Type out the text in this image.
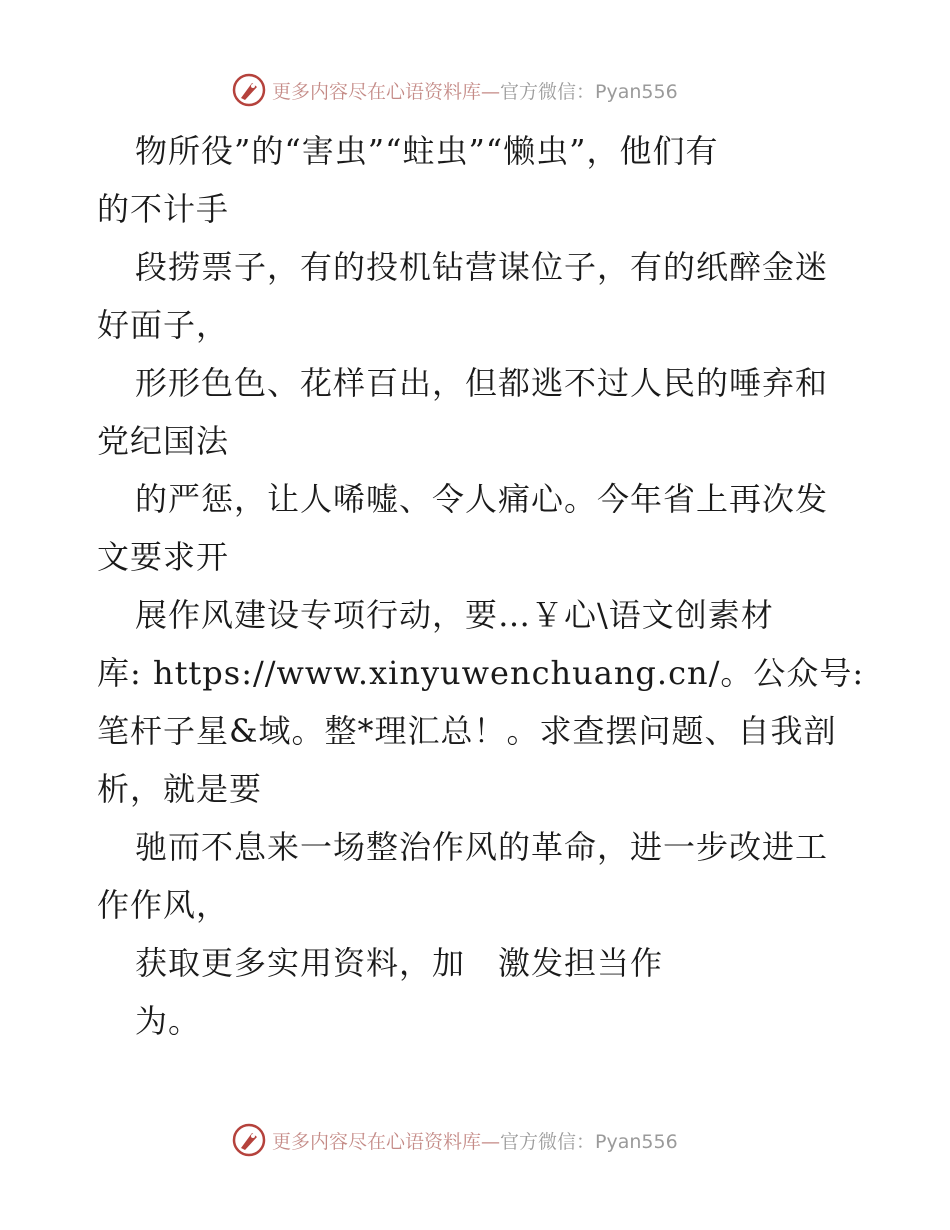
更多内容尽在心语资料库— 官方微信：Pyan556
物所役”的“害虫”“蛀虫”“懒虫”，他们有
的不计手
段捞票子，有的投机钻营谋位子，有的纸醉金迷
好面子，
形形色色、花样百出，但都逃不过人民的唾弃和
党纪国法
的严惩，让人唏嘘、令人痛心。今年省上再次发
文要求开
展作风建设专项行动，要…￥心\语文创素材
库: https://www.xinyuwenchuang.cn/。公众号:
笔杆子星&域。整*理汇总！。求查摆问题、自我剖
析，就是要
驰而不息来一场整治作风的革命，进一步改进工
作作风，
获取更多实用资料，加　激发担当作
为。
更多内容尽在心语资料库— 官方微信：Pyan556
